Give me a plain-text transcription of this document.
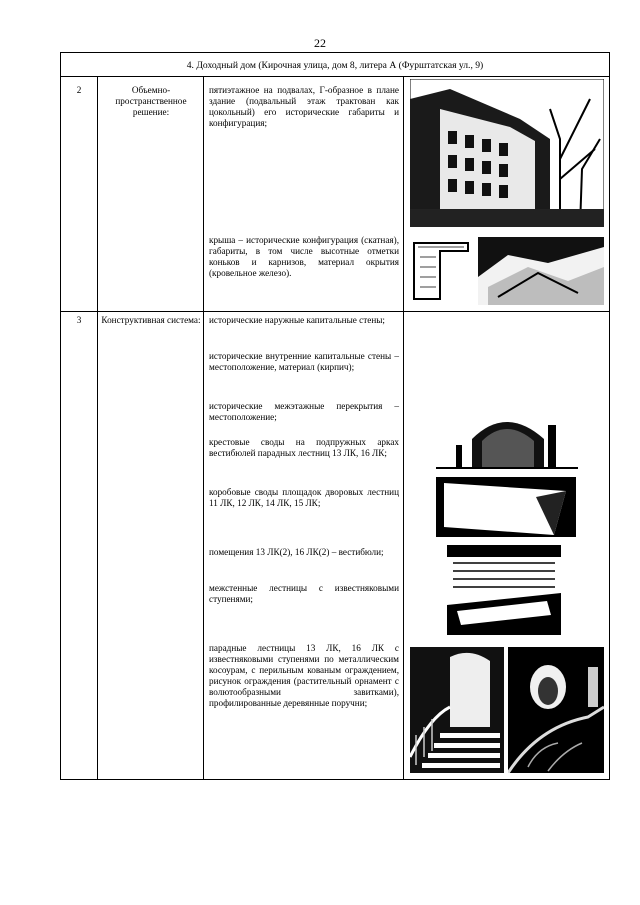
22
4. Доходный дом (Кирочная улица, дом 8, литера А (Фурштатская ул., 9)
2	Объемно-пространственное решение:
пятиэтажное на подвалах, Г-образное в плане здание (подвальный этаж трактован как цокольный) его исторические габариты и конфигурация;
крыша – исторические конфигурация (скатная), габариты, в том числе высотные отметки коньков и карнизов, материал окрытия (кровельное железо).
3	Конструктивная система: исторические наружные капитальные стены;
исторические внутренние капитальные стены – местоположение, материал (кирпич);
исторические межэтажные перекрытия – местоположение;
крестовые своды на подпружных арках вестибюлей парадных лестниц 13 ЛК, 16 ЛК;
коробовые своды площадок дворовых лестниц 11 ЛК, 12 ЛК, 14 ЛК, 15 ЛК;
помещения 13 ЛК(2), 16 ЛК(2) – вестибюли;
межстенные лестницы с известняковыми ступенями;
парадные лестницы 13 ЛК, 16 ЛК с известняковыми ступенями по металлическим косоурам, с перильным кованым ограждением, рисунок ограждения (растительный орнамент с волютообразными завитками), профилированные деревянные поручни;
